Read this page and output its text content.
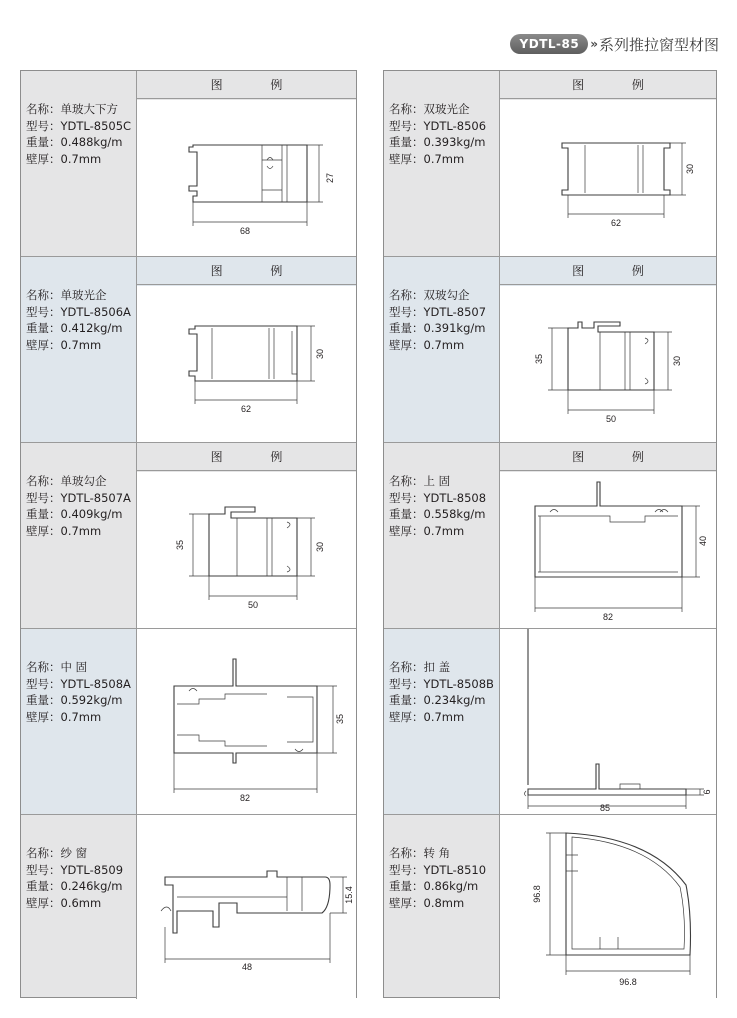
YDTL-85 » 系列推拉窗型材图
名称：单玻大下方
型号：YDTL-8505C
重量：0.488kg/m
壁厚：0.7mm
图 例
68
27
名称：单玻光企
型号：YDTL-8506A
重量：0.412kg/m
壁厚：0.7mm
图 例
62
30
名称：单玻勾企
型号：YDTL-8507A
重量：0.409kg/m
壁厚：0.7mm
图 例
50
35	30
名称：中 固
型号：YDTL-8508A
重量：0.592kg/m
壁厚：0.7mm
82
35
名称：纱 窗
型号：YDTL-8509
重量：0.246kg/m
壁厚：0.6mm
48
15.4
名称：双玻光企
型号：YDTL-8506
重量：0.393kg/m
壁厚：0.7mm
图 例
62
30
名称：双玻勾企
型号：YDTL-8507
重量：0.391kg/m
壁厚：0.7mm
图 例
50
35	30
名称：上 固
型号：YDTL-8508
重量：0.558kg/m
壁厚：0.7mm
图 例
82
40
名称：扣 盖
型号：YDTL-8508B
重量：0.234kg/m
壁厚：0.7mm
85
6
名称：转 角
型号：YDTL-8510
重量：0.86kg/m
壁厚：0.8mm
96.8
96.8
